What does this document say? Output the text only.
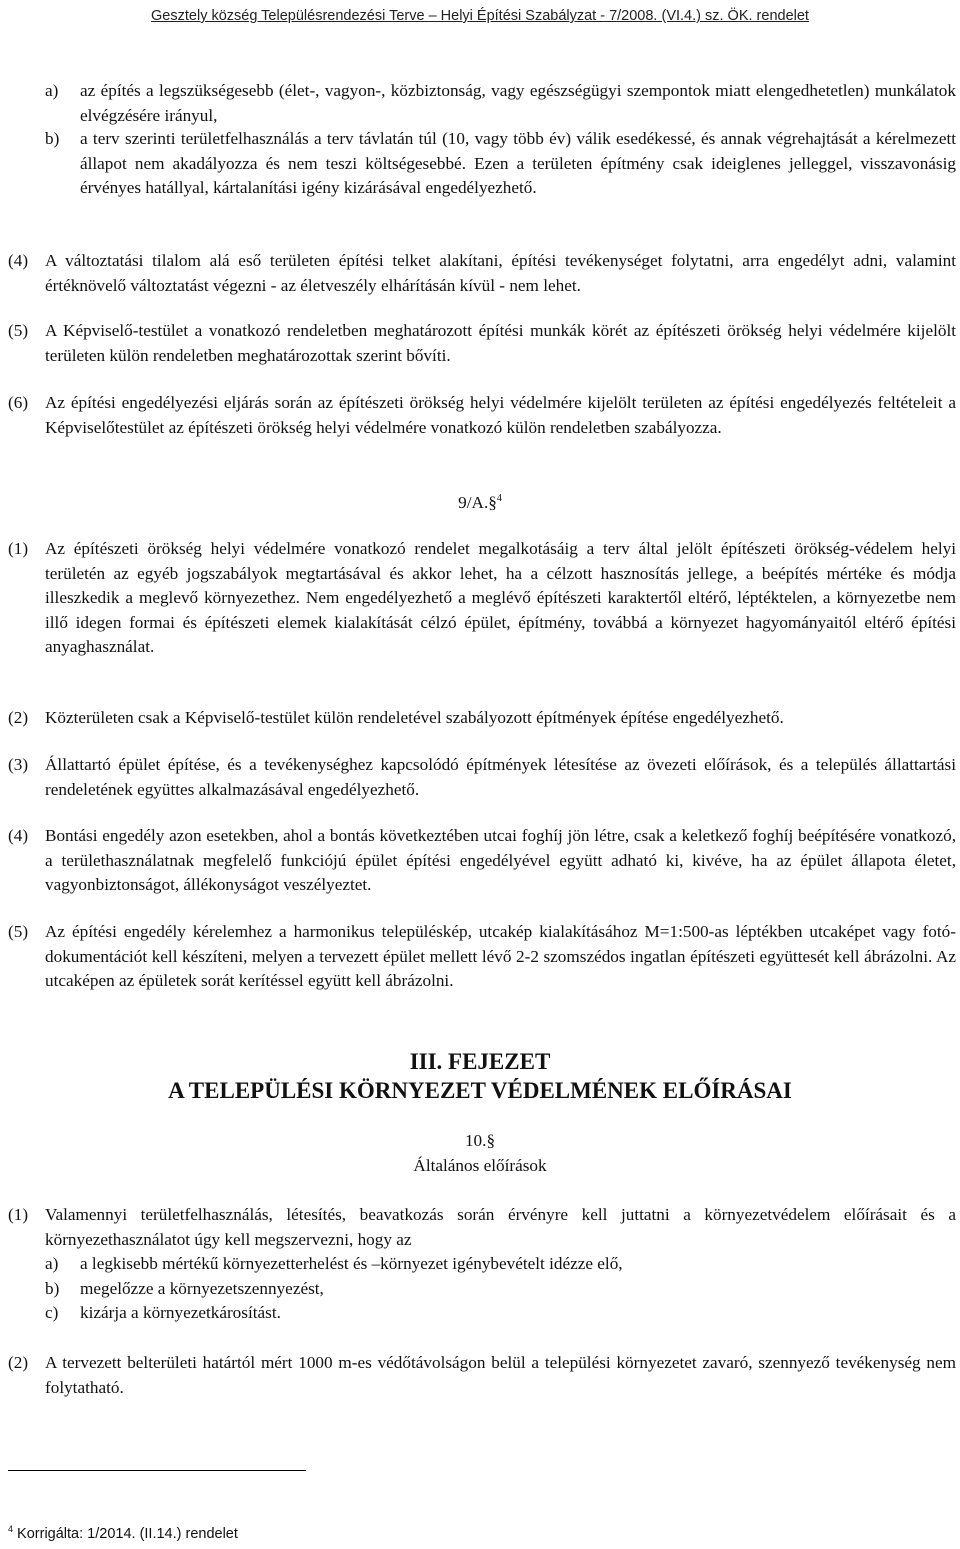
Gesztely község Településrendezési Terve – Helyi Építési Szabályzat - 7/2008. (VI.4.) sz. ÖK. rendelet
a) az építés a legszükségesebb (élet-, vagyon-, közbiztonság, vagy egészségügyi szempontok miatt elengedhetetlen) munkálatok elvégzésére irányul,
b) a terv szerinti területfelhasználás a terv távlatán túl (10, vagy több év) válik esedékessé, és annak végrehajtását a kérelmezett állapot nem akadályozza és nem teszi költségesebbé. Ezen a területen építmény csak ideiglenes jelleggel, visszavonásig érvényes hatállyal, kártalanítási igény kizárásával engedélyezhető.
(4) A változtatási tilalom alá eső területen építési telket alakítani, építési tevékenységet folytatni, arra engedélyt adni, valamint értéknövelő változtatást végezni - az életveszély elhárításán kívül - nem lehet.
(5) A Képviselő-testület a vonatkozó rendeletben meghatározott építési munkák körét az építészeti örökség helyi védelmére kijelölt területen külön rendeletben meghatározottak szerint bővíti.
(6) Az építési engedélyezési eljárás során az építészeti örökség helyi védelmére kijelölt területen az építési engedélyezés feltételeit a Képviselőtestület az építészeti örökség helyi védelmére vonatkozó külön rendeletben szabályozza.
9/A.§$^4$
(1) Az építészeti örökség helyi védelmére vonatkozó rendelet megalkotásáig a terv által jelölt építészeti örökség-védelem helyi területén az egyéb jogszabályok megtartásával és akkor lehet, ha a célzott hasznosítás jellege, a beépítés mértéke és módja illeszkedik a meglevő környezethez. Nem engedélyezhető a meglévő építészeti karaktertől eltérő, léptéktelen, a környezetbe nem illő idegen formai és építészeti elemek kialakítását célzó épület, építmény, továbbá a környezet hagyományaitól eltérő építési anyaghasználat.
(2) Közterületen csak a Képviselő-testület külön rendeletével szabályozott építmények építése engedélyezhető.
(3) Állattartó épület építése, és a tevékenységhez kapcsolódó építmények létesítése az övezeti előírások, és a település állattartási rendeletének együttes alkalmazásával engedélyezhető.
(4) Bontási engedély azon esetekben, ahol a bontás következtében utcai foghíj jön létre, csak a keletkező foghíj beépítésére vonatkozó, a területhasználatnak megfelelő funkciójú épület építési engedélyével együtt adható ki, kivéve, ha az épület állapota életet, vagyonbiztonságot, állékonyságot veszélyeztet.
(5) Az építési engedély kérelemhez a harmonikus településkép, utcakép kialakításához M=1:500-as léptékben utcaképet vagy fotó-dokumentációt kell készíteni, melyen a tervezett épület mellett lévő 2-2 szomszédos ingatlan építészeti együttesét kell ábrázolni. Az utcaképen az épületek sorát kerítéssel együtt kell ábrázolni.
III. FEJEZET
A TELEPÜLÉSI KÖRNYEZET VÉDELMÉNEK ELŐÍRÁSAI
10.§
Általános előírások
(1) Valamennyi területfelhasználás, létesítés, beavatkozás során érvényre kell juttatni a környezetvédelem előírásait és a környezethasználatot úgy kell megszervezni, hogy az
a) a legkisebb mértékű környezetterhelést és –környezet igénybevételt idézze elő,
b) megelőzze a környezetszennyezést,
c) kizárja a környezetkárosítást.
(2) A tervezett belterületi határtól mért 1000 m-es védőtávolságon belül a települési környezetet zavaró, szennyező tevékenység nem folytatható.
$^4$ Korrigálta: 1/2014. (II.14.) rendelet
